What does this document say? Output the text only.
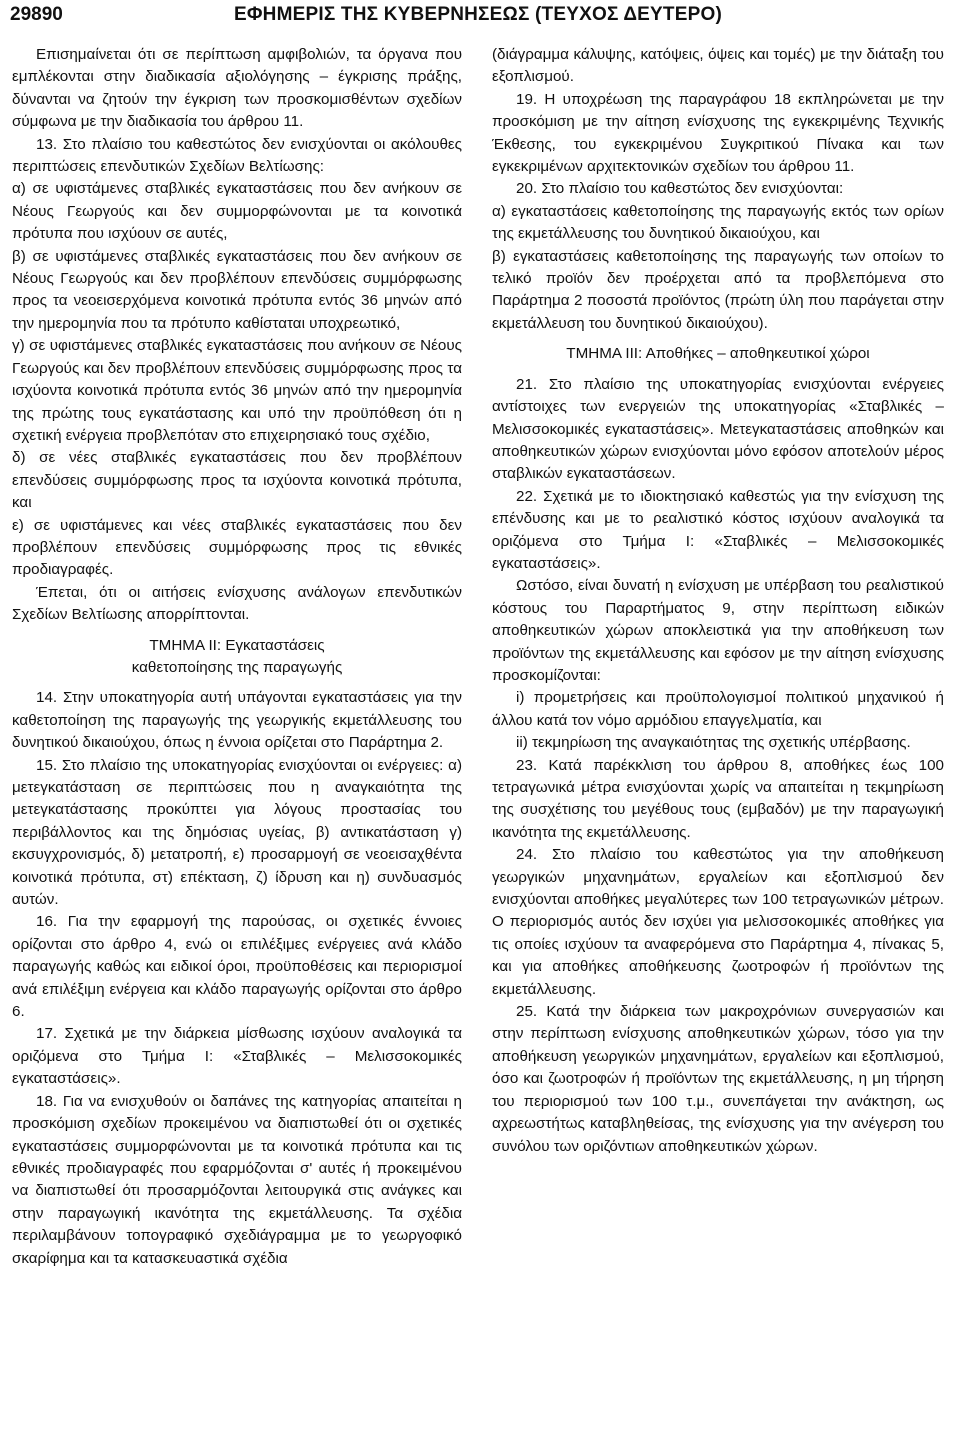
29890	ΕΦΗΜΕΡΙΣ ΤΗΣ ΚΥΒΕΡΝΗΣΕΩΣ (ΤΕΥΧΟΣ ΔΕΥΤΕΡΟ)

Επισημαίνεται ότι σε περίπτωση αμφιβολιών, τα όργανα που εμπλέκονται στην διαδικασία αξιολόγησης – έγκρισης πράξης, δύνανται να ζητούν την έγκριση των προσκομισθέντων σχεδίων σύμφωνα με την διαδικασία του άρθρου 11.

13. Στο πλαίσιο του καθεστώτος δεν ενισχύονται οι ακόλουθες περιπτώσεις επενδυτικών Σχεδίων Βελτίωσης:

α) σε υφιστάμενες σταβλικές εγκαταστάσεις που δεν ανήκουν σε Νέους Γεωργούς και δεν συμμορφώνονται με τα κοινοτικά πρότυπα που ισχύουν σε αυτές,

β) σε υφιστάμενες σταβλικές εγκαταστάσεις που δεν ανήκουν σε Νέους Γεωργούς και δεν προβλέπουν επενδύσεις συμμόρφωσης προς τα νεοεισερχόμενα κοινοτικά πρότυπα εντός 36 μηνών από την ημερομηνία που τα πρότυπο καθίσταται υποχρεωτικό,

γ) σε υφιστάμενες σταβλικές εγκαταστάσεις που ανήκουν σε Νέους Γεωργούς και δεν προβλέπουν επενδύσεις συμμόρφωσης προς τα ισχύοντα κοινοτικά πρότυπα εντός 36 μηνών από την ημερομηνία της πρώτης τους εγκατάστασης και υπό την προϋπόθεση ότι η σχετική ενέργεια προβλεπόταν στο επιχειρησιακό τους σχέδιο,

δ) σε νέες σταβλικές εγκαταστάσεις που δεν προβλέπουν επενδύσεις συμμόρφωσης προς τα ισχύοντα κοινοτικά πρότυπα, και

ε) σε υφιστάμενες και νέες σταβλικές εγκαταστάσεις που δεν προβλέπουν επενδύσεις συμμόρφωσης προς τις εθνικές προδιαγραφές.

Έπεται, ότι οι αιτήσεις ενίσχυσης ανάλογων επενδυτικών Σχεδίων Βελτίωσης απορρίπτονται.

ΤΜΗΜΑ ΙΙ: Εγκαταστάσεις καθετοποίησης της παραγωγής

14. Στην υποκατηγορία αυτή υπάγονται εγκαταστάσεις για την καθετοποίηση της παραγωγής της γεωργικής εκμετάλλευσης του δυνητικού δικαιούχου, όπως η έννοια ορίζεται στο Παράρτημα 2.

15. Στο πλαίσιο της υποκατηγορίας ενισχύονται οι ενέργειες: α) μετεγκατάσταση σε περιπτώσεις που η αναγκαιότητα της μετεγκατάστασης προκύπτει για λόγους προστασίας του περιβάλλοντος και της δημόσιας υγείας, β) αντικατάσταση γ) εκσυγχρονισμός, δ) μετατροπή, ε) προσαρμογή σε νεοεισαχθέντα κοινοτικά πρότυπα, στ) επέκταση, ζ) ίδρυση και η) συνδυασμός αυτών.

16. Για την εφαρμογή της παρούσας, οι σχετικές έννοιες ορίζονται στο άρθρο 4, ενώ οι επιλέξιμες ενέργειες ανά κλάδο παραγωγής καθώς και ειδικοί όροι, προϋποθέσεις και περιορισμοί ανά επιλέξιμη ενέργεια και κλάδο παραγωγής ορίζονται στο άρθρο 6.

17. Σχετικά με την διάρκεια μίσθωσης ισχύουν αναλογικά τα οριζόμενα στο Τμήμα Ι: «Σταβλικές – Μελισσοκομικές εγκαταστάσεις».

18. Για να ενισχυθούν οι δαπάνες της κατηγορίας απαιτείται η προσκόμιση σχεδίων προκειμένου να διαπιστωθεί ότι οι σχετικές εγκαταστάσεις συμμορφώνονται με τα κοινοτικά πρότυπα και τις εθνικές προδιαγραφές που εφαρμόζονται σ' αυτές ή προκειμένου να διαπιστωθεί ότι προσαρμόζονται λειτουργικά στις ανάγκες και στην παραγωγική ικανότητα της εκμετάλλευσης. Τα σχέδια περιλαμβάνουν τοπογραφικό σχεδιάγραμμα με το γεωργοφικό σκαρίφημα και τα κατασκευαστικά σχέδια

(διάγραμμα κάλυψης, κατόψεις, όψεις και τομές) με την διάταξη του εξοπλισμού.

19. Η υποχρέωση της παραγράφου 18 εκπληρώνεται με την προσκόμιση με την αίτηση ενίσχυσης της εγκεκριμένης Τεχνικής Έκθεσης, του εγκεκριμένου Συγκριτικού Πίνακα και των εγκεκριμένων αρχιτεκτονικών σχεδίων του άρθρου 11.

20. Στο πλαίσιο του καθεστώτος δεν ενισχύονται:

α) εγκαταστάσεις καθετοποίησης της παραγωγής εκτός των ορίων της εκμετάλλευσης του δυνητικού δικαιούχου, και

β) εγκαταστάσεις καθετοποίησης της παραγωγής των οποίων το τελικό προϊόν δεν προέρχεται από τα προβλεπόμενα στο Παράρτημα 2 ποσοστά προϊόντος (πρώτη ύλη που παράγεται στην εκμετάλλευση του δυνητικού δικαιούχου).

ΤΜΗΜΑ ΙΙΙ: Αποθήκες – αποθηκευτικοί χώροι

21. Στο πλαίσιο της υποκατηγορίας ενισχύονται ενέργειες αντίστοιχες των ενεργειών της υποκατηγορίας «Σταβλικές – Μελισσοκομικές εγκαταστάσεις». Μετεγκαταστάσεις αποθηκών και αποθηκευτικών χώρων ενισχύονται μόνο εφόσον αποτελούν μέρος σταβλικών εγκαταστάσεων.

22. Σχετικά με το ιδιοκτησιακό καθεστώς για την ενίσχυση της επένδυσης και με το ρεαλιστικό κόστος ισχύουν αναλογικά τα οριζόμενα στο Τμήμα Ι: «Σταβλικές – Μελισσοκομικές εγκαταστάσεις».

Ωστόσο, είναι δυνατή η ενίσχυση με υπέρβαση του ρεαλιστικού κόστους του Παραρτήματος 9, στην περίπτωση ειδικών αποθηκευτικών χώρων αποκλειστικά για την αποθήκευση των προϊόντων της εκμετάλλευσης και εφόσον με την αίτηση ενίσχυσης προσκομίζονται:

i) προμετρήσεις και προϋπολογισμοί πολιτικού μηχανικού ή άλλου κατά τον νόμο αρμόδιου επαγγελματία, και

ii) τεκμηρίωση της αναγκαιότητας της σχετικής υπέρβασης.

23. Κατά παρέκκλιση του άρθρου 8, αποθήκες έως 100 τετραγωνικά μέτρα ενισχύονται χωρίς να απαιτείται η τεκμηρίωση της συσχέτισης του μεγέθους τους (εμβαδόν) με την παραγωγική ικανότητα της εκμετάλλευσης.

24. Στο πλαίσιο του καθεστώτος για την αποθήκευση γεωργικών μηχανημάτων, εργαλείων και εξοπλισμού δεν ενισχύονται αποθήκες μεγαλύτερες των 100 τετραγωνικών μέτρων. Ο περιορισμός αυτός δεν ισχύει για μελισσοκομικές αποθήκες για τις οποίες ισχύουν τα αναφερόμενα στο Παράρτημα 4, πίνακας 5, και για αποθήκες αποθήκευσης ζωοτροφών ή προϊόντων της εκμετάλλευσης.

25. Κατά την διάρκεια των μακροχρόνιων συνεργασιών και στην περίπτωση ενίσχυσης αποθηκευτικών χώρων, τόσο για την αποθήκευση γεωργικών μηχανημάτων, εργαλείων και εξοπλισμού, όσο και ζωοτροφών ή προϊόντων της εκμετάλλευσης, η μη τήρηση του περιορισμού των 100 τ.μ., συνεπάγεται την ανάκτηση, ως αχρεωστήτως καταβληθείσας, της ενίσχυσης για την ανέγερση του συνόλου των οριζόντιων αποθηκευτικών χώρων.
